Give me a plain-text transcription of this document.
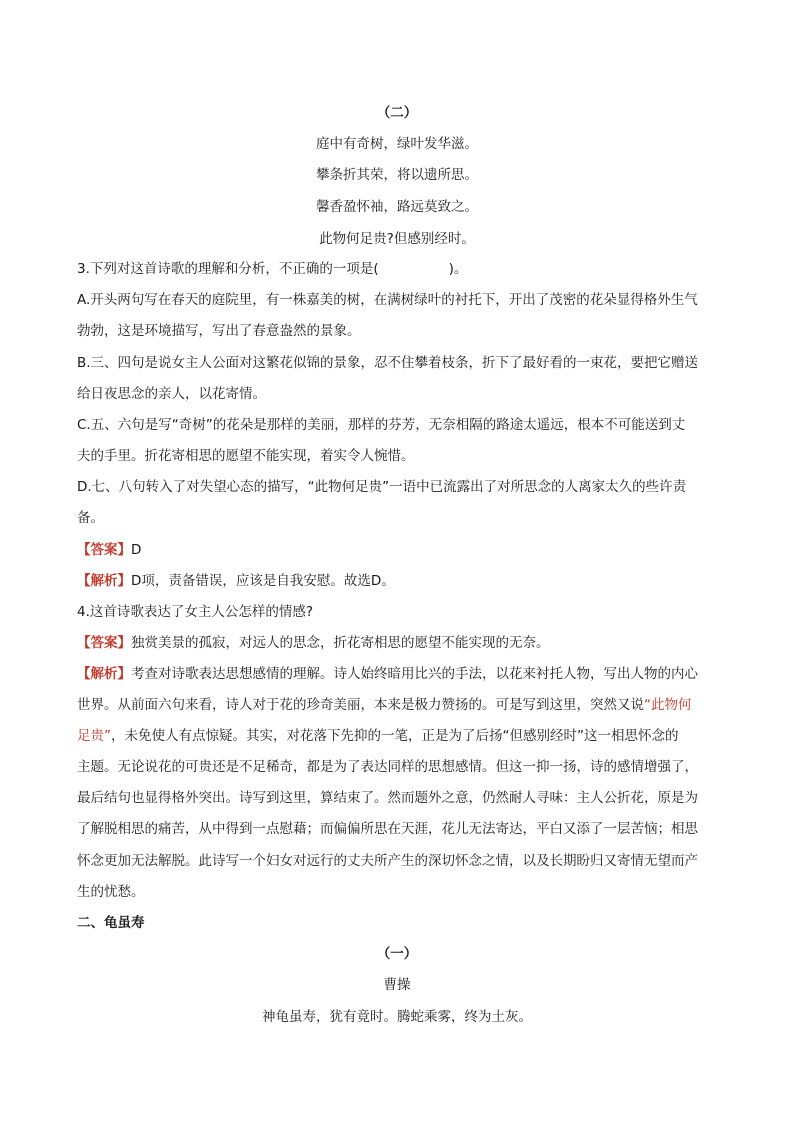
（二）
庭中有奇树，绿叶发华滋。
攀条折其荣，将以遗所思。
馨香盈怀袖，路远莫致之。
此物何足贵?但感别经时。
3.下列对这首诗歌的理解和分析，不正确的一项是(	)。
A.开头两句写在春天的庭院里，有一株嘉美的树，在满树绿叶的衬托下，开出了茂密的花朵显得格外生气
勃勃，这是环境描写，写出了春意盎然的景象。
B.三、四句是说女主人公面对这繁花似锦的景象，忍不住攀着枝条，折下了最好看的一束花，要把它赠送
给日夜思念的亲人，以花寄情。
C.五、六句是写“奇树”的花朵是那样的美丽，那样的芬芳，无奈相隔的路途太遥远，根本不可能送到丈
夫的手里。折花寄相思的愿望不能实现，着实令人惋惜。
D.七、八句转入了对失望心态的描写，“此物何足贵”一语中已流露出了对所思念的人离家太久的些许责
备。
【答案】D
【解析】D项，责备错误，应该是自我安慰。故选D。
4.这首诗歌表达了女主人公怎样的情感?
【答案】独赏美景的孤寂，对远人的思念，折花寄相思的愿望不能实现的无奈。
【解析】考查对诗歌表达思想感情的理解。诗人始终暗用比兴的手法，以花来衬托人物，写出人物的内心
世界。从前面六句来看，诗人对于花的珍奇美丽，本来是极力赞扬的。可是写到这里，突然又说“此物何
足贵”，未免使人有点惊疑。其实，对花落下先抑的一笔，正是为了后扬“但感别经时”这一相思怀念的
主题。无论说花的可贵还是不足稀奇，都是为了表达同样的思想感情。但这一抑一扬，诗的感情增强了，
最后结句也显得格外突出。诗写到这里，算结束了。然而题外之意，仍然耐人寻味：主人公折花，原是为
了解脱相思的痛苦，从中得到一点慰藉；而偏偏所思在天涯，花儿无法寄达，平白又添了一层苦恼；相思
怀念更加无法解脱。此诗写一个妇女对远行的丈夫所产生的深切怀念之情，以及长期盼归又寄情无望而产
生的忧愁。
二、龟虽寿
（一）
曹操
神龟虽寿，犹有竟时。腾蛇乘雾，终为土灰。
